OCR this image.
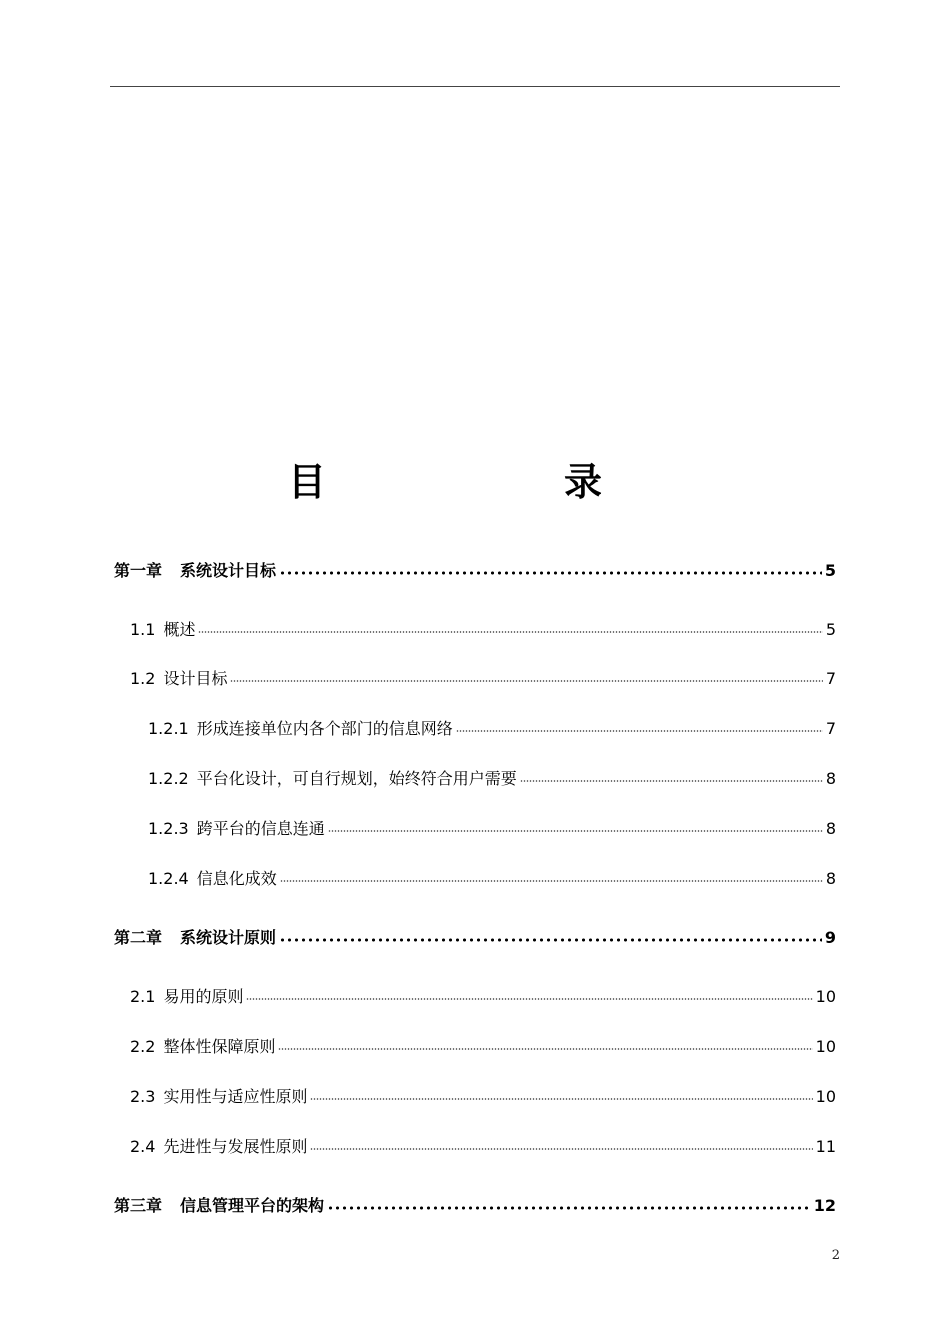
目　录
第一章 系统设计目标	5
1.1 概述	5
1.2 设计目标	7
1.2.1 形成连接单位内各个部门的信息网络	7
1.2.2 平台化设计，可自行规划，始终符合用户需要	8
1.2.3 跨平台的信息连通	8
1.2.4 信息化成效	8
第二章 系统设计原则	9
2.1 易用的原则	10
2.2 整体性保障原则	10
2.3 实用性与适应性原则	10
2.4 先进性与发展性原则	11
第三章 信息管理平台的架构	12
2
